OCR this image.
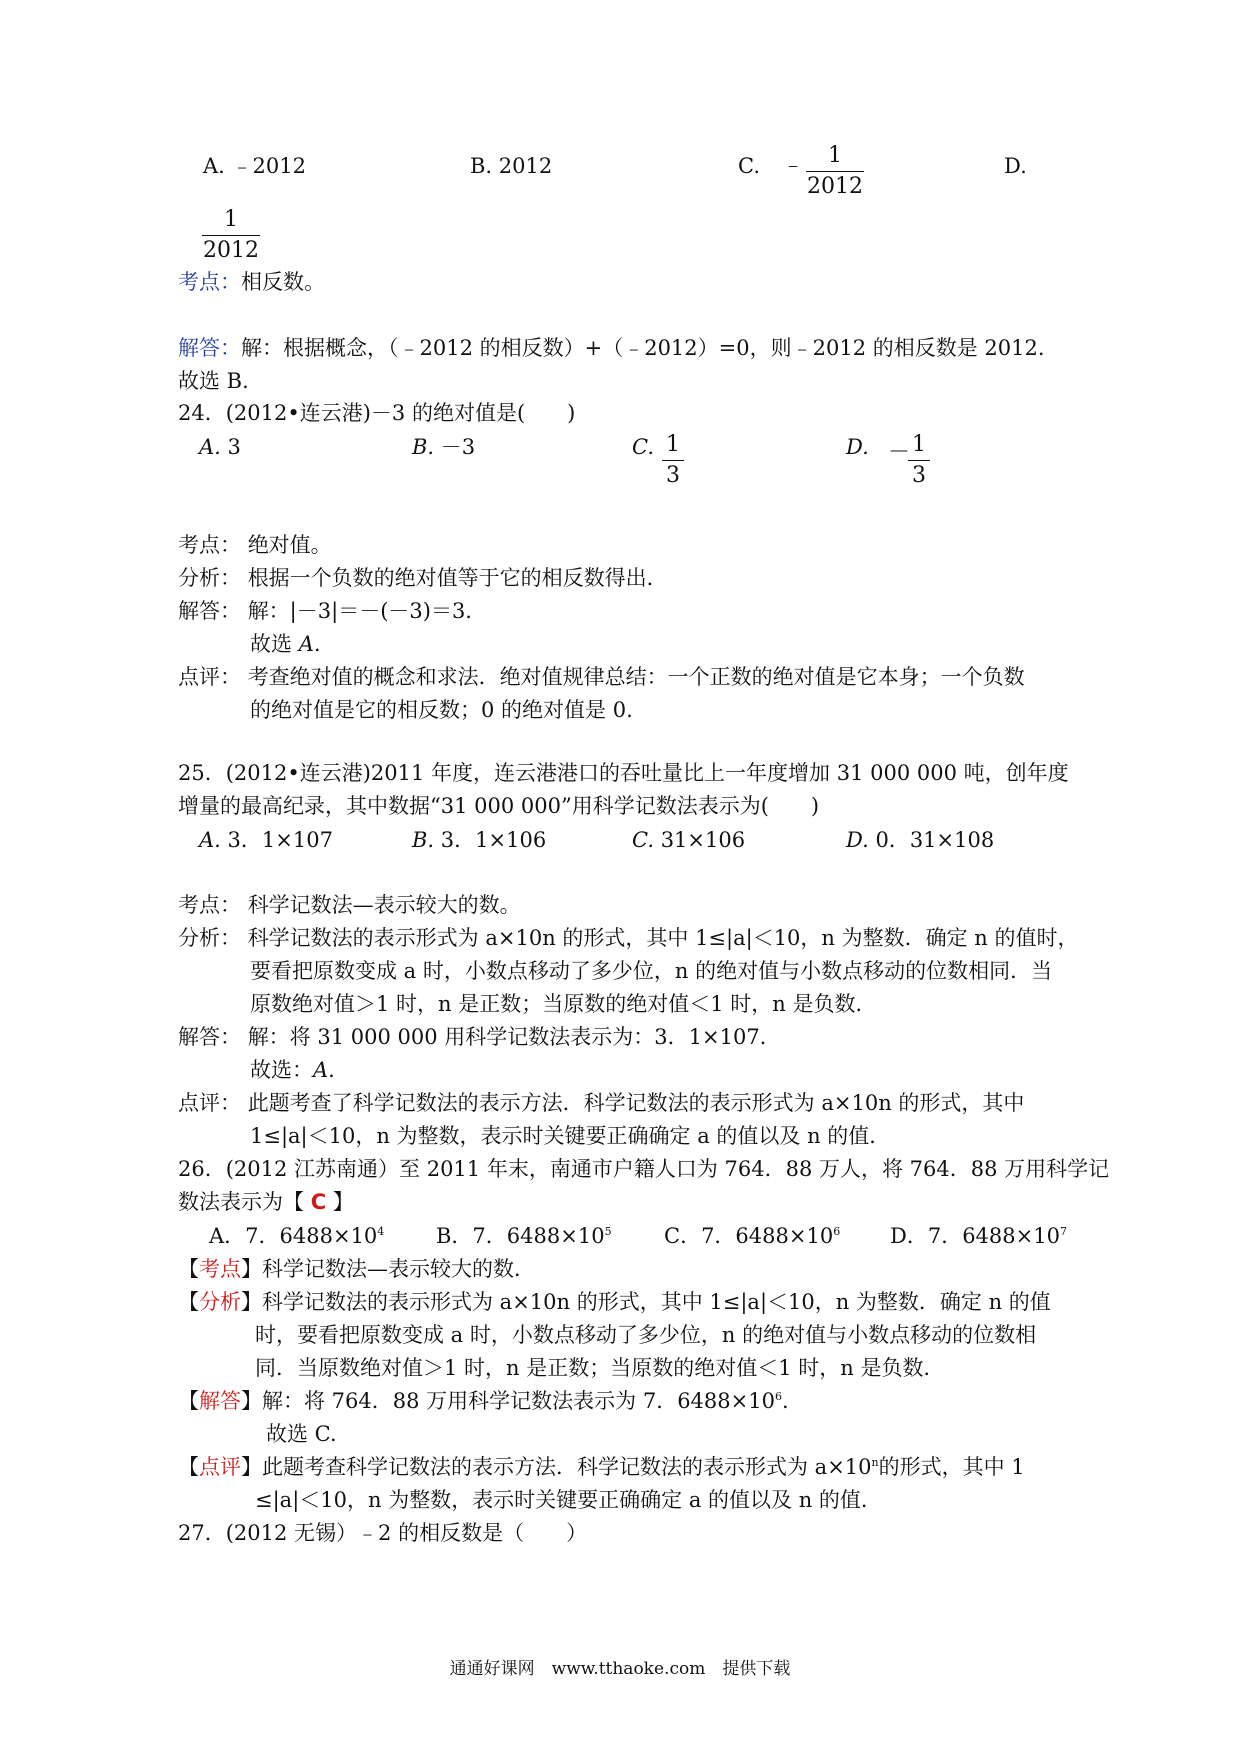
A. ﹣2012	B. 2012	C. ﹣	1
2012
D.
1
2012
考点：相反数。
解答：解：根据概念，（﹣2012 的相反数）+（﹣2012）=0，则﹣2012 的相反数是 2012.
故选 B.
24．(2012•连云港)－3 的绝对值是(　　)
A. 3	B. －3	C. 1
3
D. － 1
3
考点： 绝对值。
分析： 根据一个负数的绝对值等于它的相反数得出．
解答： 解：|－3|＝－(－3)＝3.
故选 A.
点评： 考查绝对值的概念和求法．绝对值规律总结：一个正数的绝对值是它本身；一个负数
的绝对值是它的相反数；0 的绝对值是 0.
25．(2012•连云港)2011 年度，连云港港口的吞吐量比上一年度增加 31 000 000 吨，创年度
增量的最高纪录，其中数据“31 000 000”用科学记数法表示为(　　)
A. 3．1×107	B. 3．1×106	C. 31×106	D. 0．31×108
考点： 科学记数法—表示较大的数。
分析： 科学记数法的表示形式为 a×10n 的形式，其中 1≤|a|＜10，n 为整数．确定 n 的值时，
要看把原数变成 a 时，小数点移动了多少位，n 的绝对值与小数点移动的位数相同．当
原数绝对值＞1 时，n 是正数；当原数的绝对值＜1 时，n 是负数．
解答： 解：将 31 000 000 用科学记数法表示为：3．1×107.
故选：A.
点评： 此题考查了科学记数法的表示方法．科学记数法的表示形式为 a×10n 的形式，其中
1≤|a|＜10，n 为整数，表示时关键要正确确定 a 的值以及 n 的值．
26．(2012 江苏南通）至 2011 年末，南通市户籍人口为 764．88 万人，将 764．88 万用科学记
数法表示为【 C 】
A．7．$6488\times 10^4$ B．7．$6488\times 10^5$ C．7．$6488\times 10^6$ D．7．$6488\times 10^7$
【考点】科学记数法—表示较大的数．
【分析】科学记数法的表示形式为 a×10n 的形式，其中 1≤|a|＜10，n 为整数．确定 n 的值
时，要看把原数变成 a 时，小数点移动了多少位，n 的绝对值与小数点移动的位数相
同．当原数绝对值＞1 时，n 是正数；当原数的绝对值＜1 时，n 是负数．
【解答】解：将 764．88 万用科学记数法表示为 7．$6488\times 10^6$.
故选 C.
【点评】此题考查科学记数法的表示方法．科学记数法的表示形式为 $a\times 10^n$的形式，其中 1
≤|a|＜10，n 为整数，表示时关键要正确确定 a 的值以及 n 的值．
27．(2012 无锡）﹣2 的相反数是（　　）
通通好课网　www.tthaoke.com　提供下载
